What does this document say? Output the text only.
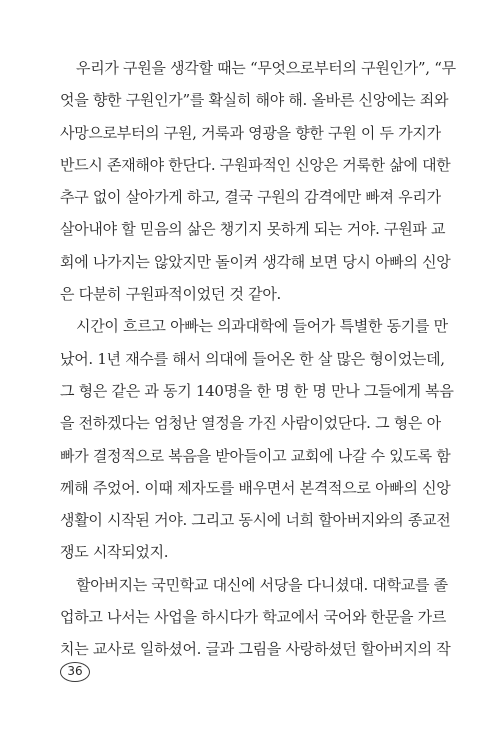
우리가 구원을 생각할 때는 “무엇으로부터의 구원인가”, “무
엇을 향한 구원인가”를 확실히 해야 해. 올바른 신앙에는 죄와
사망으로부터의 구원, 거룩과 영광을 향한 구원 이 두 가지가
반드시 존재해야 한단다. 구원파적인 신앙은 거룩한 삶에 대한
추구 없이 살아가게 하고, 결국 구원의 감격에만 빠져 우리가
살아내야 할 믿음의 삶은 챙기지 못하게 되는 거야. 구원파 교
회에 나가지는 않았지만 돌이켜 생각해 보면 당시 아빠의 신앙
은 다분히 구원파적이었던 것 같아.
시간이 흐르고 아빠는 의과대학에 들어가 특별한 동기를 만
났어. 1년 재수를 해서 의대에 들어온 한 살 많은 형이었는데,
그 형은 같은 과 동기 140명을 한 명 한 명 만나 그들에게 복음
을 전하겠다는 엄청난 열정을 가진 사람이었단다. 그 형은 아
빠가 결정적으로 복음을 받아들이고 교회에 나갈 수 있도록 함
께해 주었어. 이때 제자도를 배우면서 본격적으로 아빠의 신앙
생활이 시작된 거야. 그리고 동시에 너희 할아버지와의 종교전
쟁도 시작되었지.
할아버지는 국민학교 대신에 서당을 다니셨대. 대학교를 졸
업하고 나서는 사업을 하시다가 학교에서 국어와 한문을 가르
치는 교사로 일하셨어. 글과 그림을 사랑하셨던 할아버지의 작
36
